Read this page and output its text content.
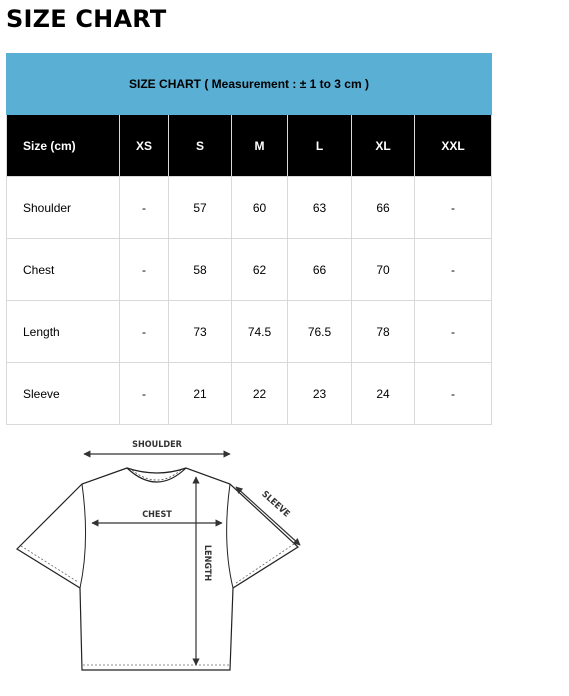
SIZE CHART
SIZE CHART ( Measurement : ± 1 to 3 cm )						
Size (cm)	XS	S	M	L	XL	XXL
Shoulder	-	57	60	63	66	-
Chest	-	58	62	66	70	-
Length	-	73	74.5	76.5	78	-
Sleeve	-	21	22	23	24	-
SHOULDER
CHEST
LENGTH
SLEEVE
